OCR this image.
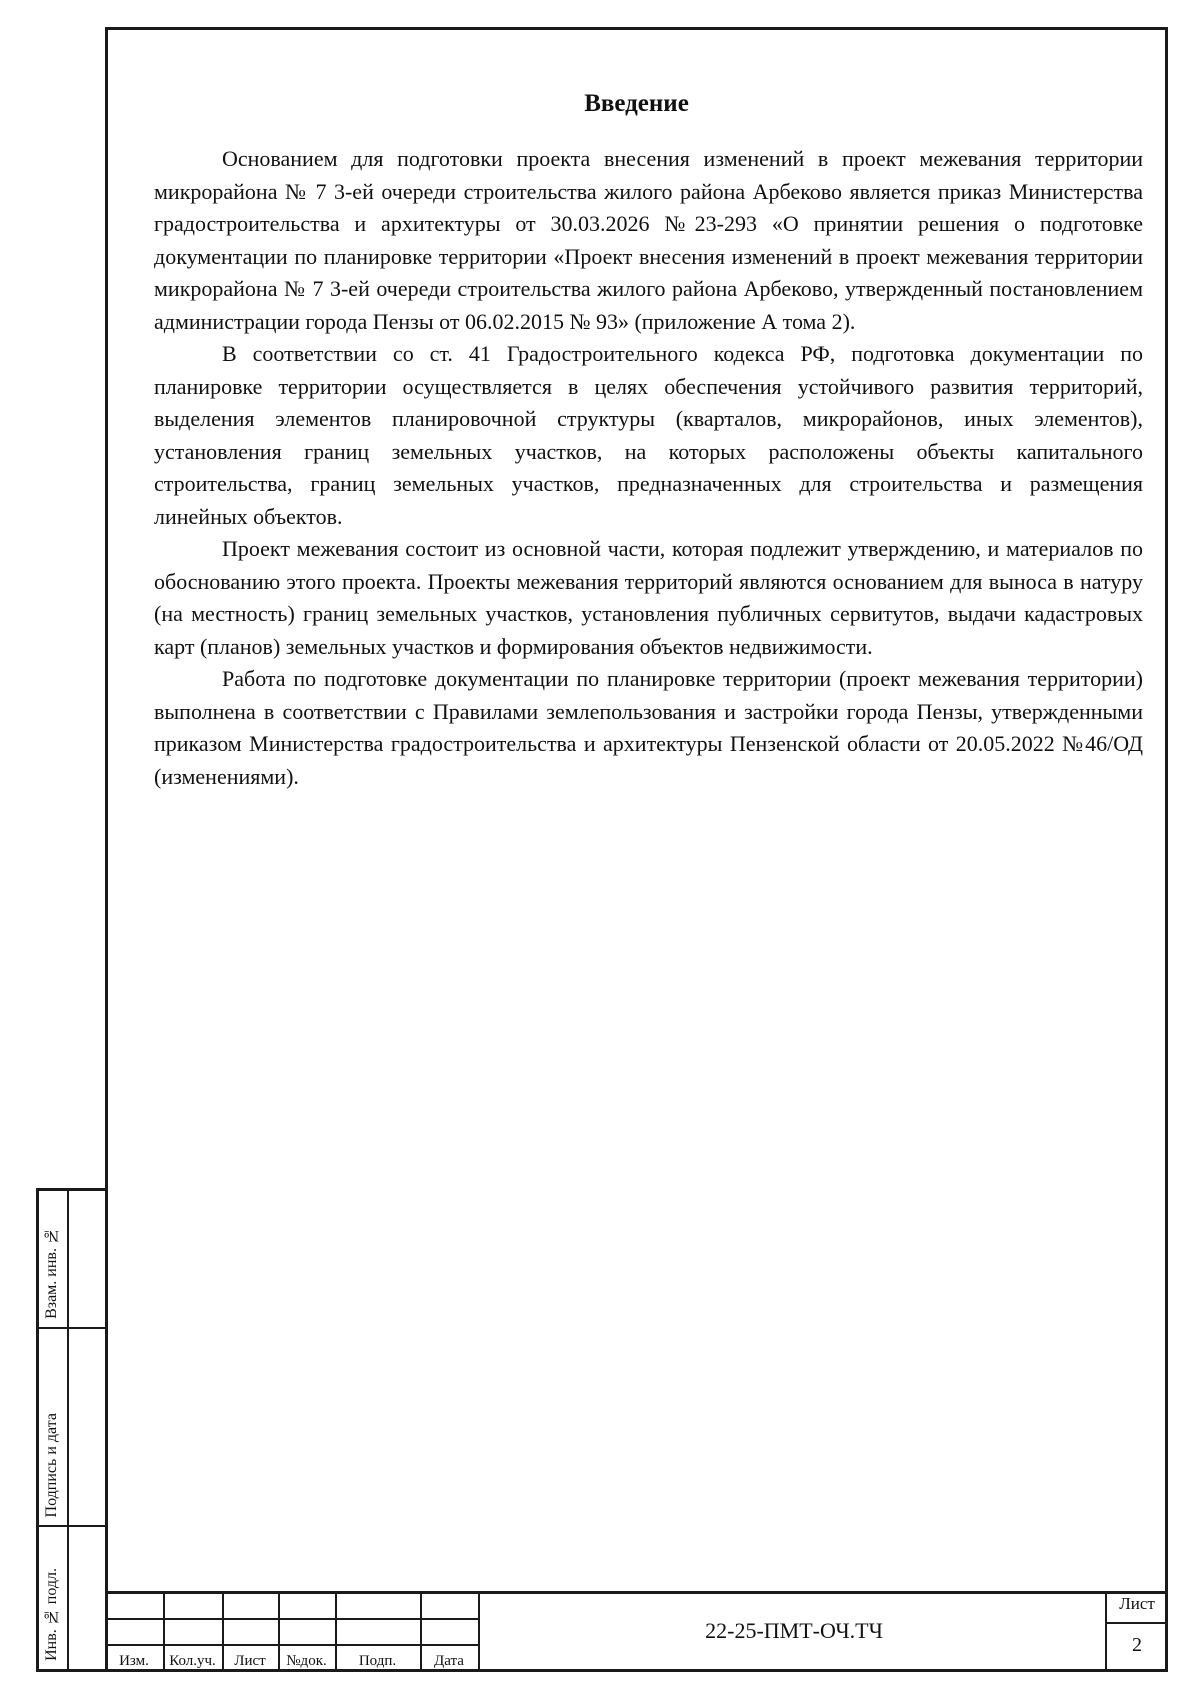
Введение

Основанием для подготовки проекта внесения изменений в проект межевания территории микрорайона № 7 3-ей очереди строительства жилого района Арбеково является приказ Министерства градостроительства и архитектуры от 30.03.2026 №23-293 «О принятии решения о подготовке документации по планировке территории «Проект внесения изменений в проект межевания территории микрорайона № 7 3-ей очереди строительства жилого района Арбеково, утвержденный постановлением администрации города Пензы от 06.02.2015 № 93» (приложение А тома 2).

В соответствии со ст. 41 Градостроительного кодекса РФ, подготовка документации по планировке территории осуществляется в целях обеспечения устойчивого развития территорий, выделения элементов планировочной структуры (кварталов, микрорайонов, иных элементов), установления границ земельных участков, на которых расположены объекты капитального строительства, границ земельных участков, предназначенных для строительства и размещения линейных объектов.

Проект межевания состоит из основной части, которая подлежит утверждению, и материалов по обоснованию этого проекта. Проекты межевания территорий являются основанием для выноса в натуру (на местность) границ земельных участков, установления публичных сервитутов, выдачи кадастровых карт (планов) земельных участков и формирования объектов недвижимости.

Работа по подготовке документации по планировке территории (проект межевания территории) выполнена в соответствии с Правилами землепользования и застройки города Пензы, утвержденными приказом Министерства градостроительства и архитектуры Пензенской области от 20.05.2022 №46/ОД (изменениями).

Взам. инв. №
Подпись и дата
Инв. № подл.	Изм.	Кол.уч.	Лист	№док.	Подп.	Дата
22-25-ПМТ-ОЧ.ТЧ
Лист
2
